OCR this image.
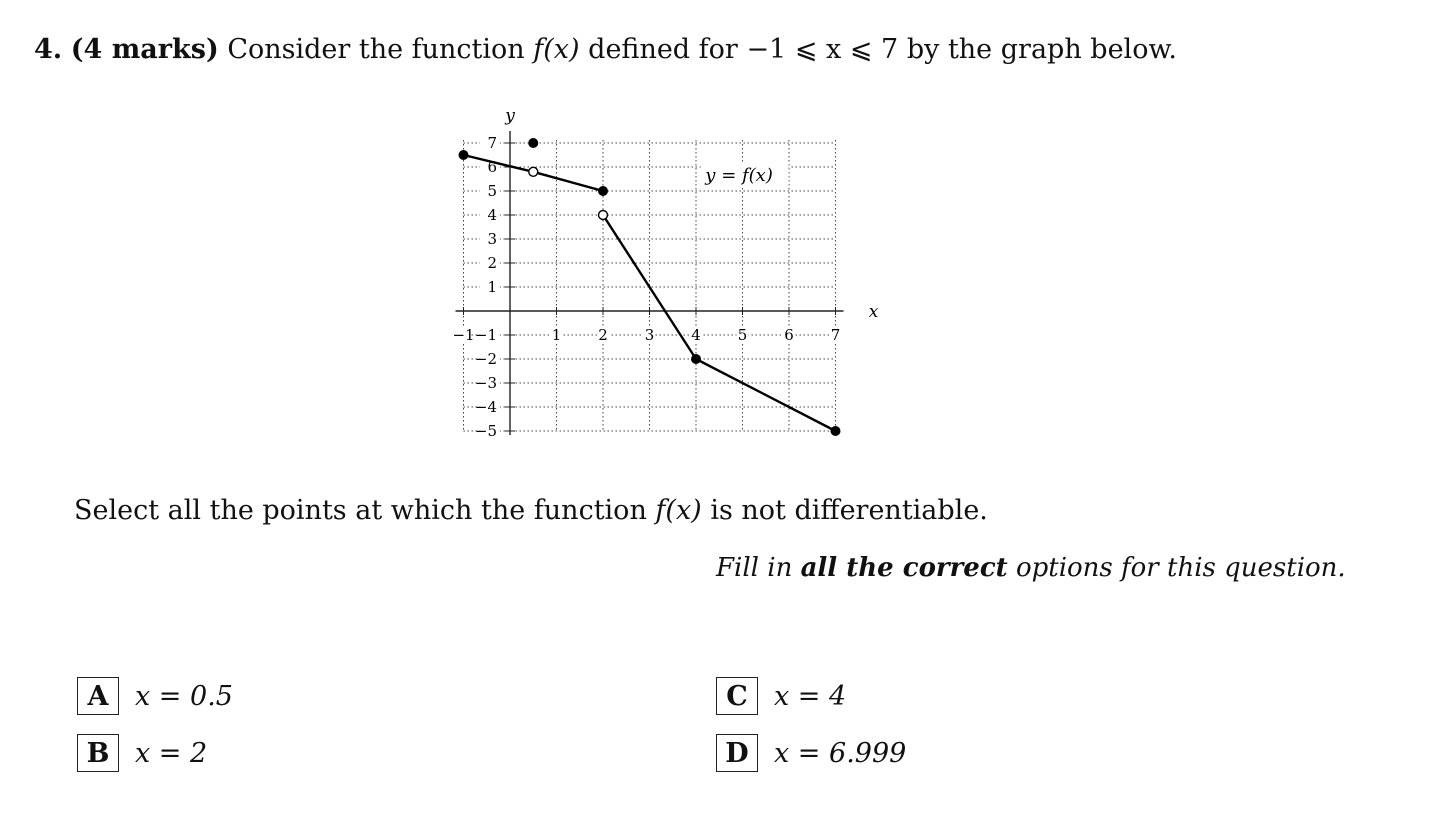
4. (4 marks) Consider the function f(x) defined for −1 ⩽ x ⩽ 7 by the graph below.
x
y
−1	1 2 3 4 5 6 7
7
6
5
4
3
2
1
−1
−2
−3
−4
−5
y = f(x)
Select all the points at which the function f(x) is not differentiable.
Fill in all the correct options for this question.
A x = 0.5
B x = 2
C x = 4
D x = 6.999
